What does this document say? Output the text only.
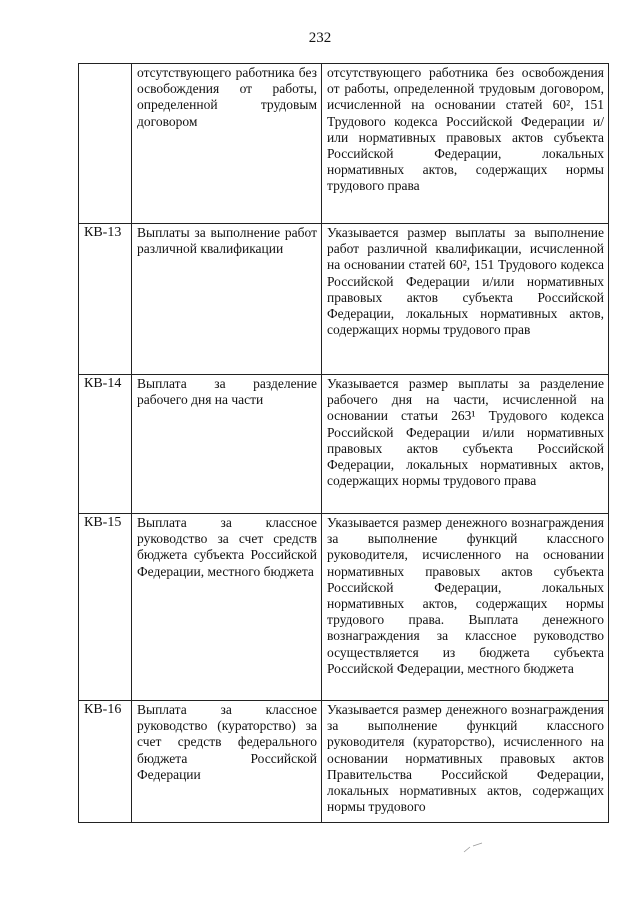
232
	отсутствующего работника без освобождения от работы, определенной трудовым договором	отсутствующего работника без освобождения от работы, определенной трудовым договором, исчисленной на основании статей 60², 151 Трудового кодекса Российской Федерации и/или нормативных правовых актов субъекта Российской Федерации, локальных нормативных актов, содержащих нормы трудового права
КВ-13	Выплаты за выполнение работ различной квалификации	Указывается размер выплаты за выполнение работ различной квалификации, исчисленной на основании статей 60², 151 Трудового кодекса Российской Федерации и/или нормативных правовых актов субъекта Российской Федерации, локальных нормативных актов, содержащих нормы трудового прав
КВ-14	Выплата за разделение рабочего дня на части	Указывается размер выплаты за разделение рабочего дня на части, исчисленной на основании статьи 263¹ Трудового кодекса Российской Федерации и/или нормативных правовых актов субъекта Российской Федерации, локальных нормативных актов, содержащих нормы трудового права
КВ-15	Выплата за классное руководство за счет средств бюджета субъекта Российской Федерации, местного бюджета	Указывается размер денежного вознаграждения за выполнение функций классного руководителя, исчисленного на основании нормативных правовых актов субъекта Российской Федерации, локальных нормативных актов, содержащих нормы трудового права. Выплата денежного вознаграждения за классное руководство осуществляется из бюджета субъекта Российской Федерации, местного бюджета
КВ-16	Выплата за классное руководство (кураторство) за счет средств федерального бюджета Российской Федерации	Указывается размер денежного вознаграждения за выполнение функций классного руководителя (кураторство), исчисленного на основании нормативных правовых актов Правительства Российской Федерации, локальных нормативных актов, содержащих нормы трудового
